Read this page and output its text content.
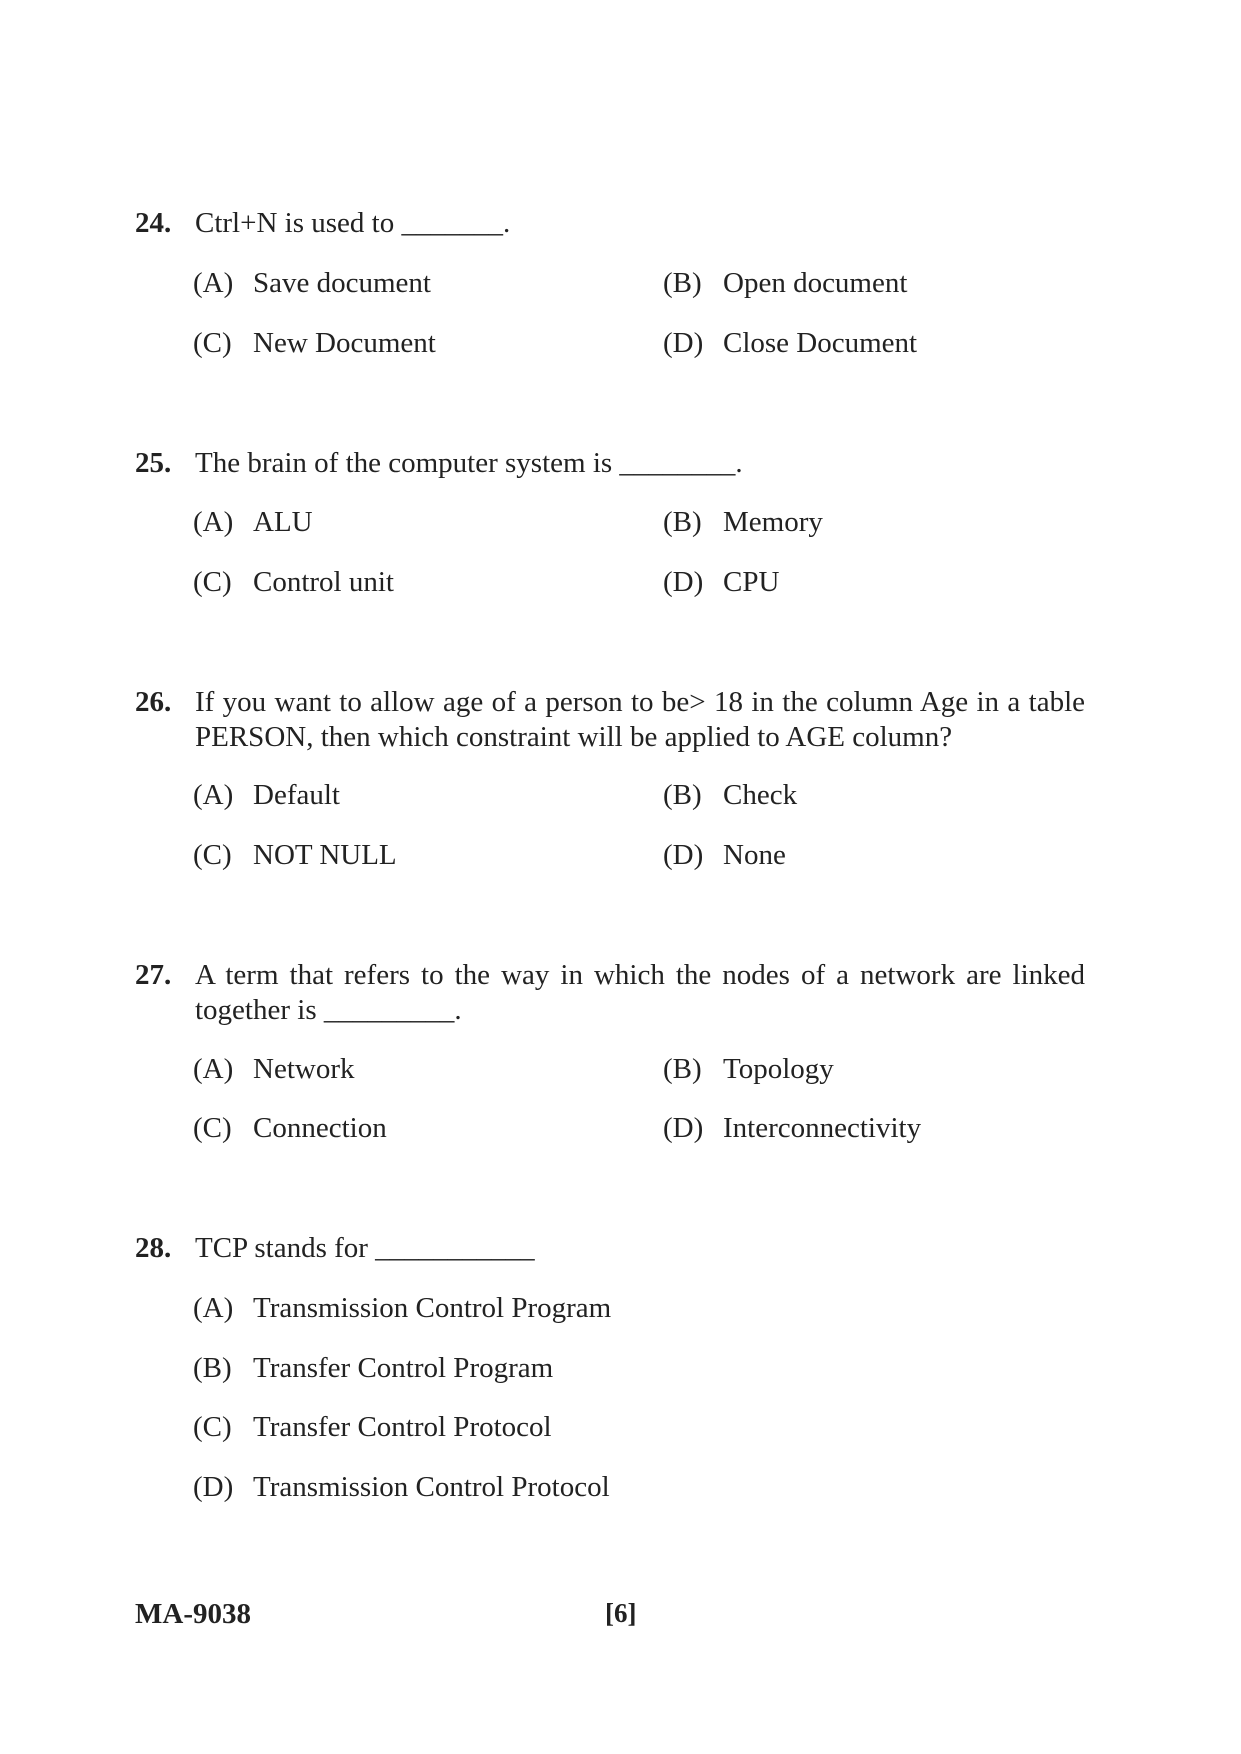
24. Ctrl+N is used to _______.
(A) Save document	(B) Open document
(C) New Document	(D) Close Document
25. The brain of the computer system is ________.
(A) ALU	(B) Memory
(C) Control unit	(D) CPU
26. If you want to allow age of a person to be> 18 in the column Age in a table PERSON, then which constraint will be applied to AGE column?
(A) Default	(B) Check
(C) NOT NULL	(D) None
27. A term that refers to the way in which the nodes of a network are linked together is _________.
(A) Network	(B) Topology
(C) Connection	(D) Interconnectivity
28. TCP stands for ___________
(A) Transmission Control Program
(B) Transfer Control Program
(C) Transfer Control Protocol
(D) Transmission Control Protocol
MA-9038	[6]
